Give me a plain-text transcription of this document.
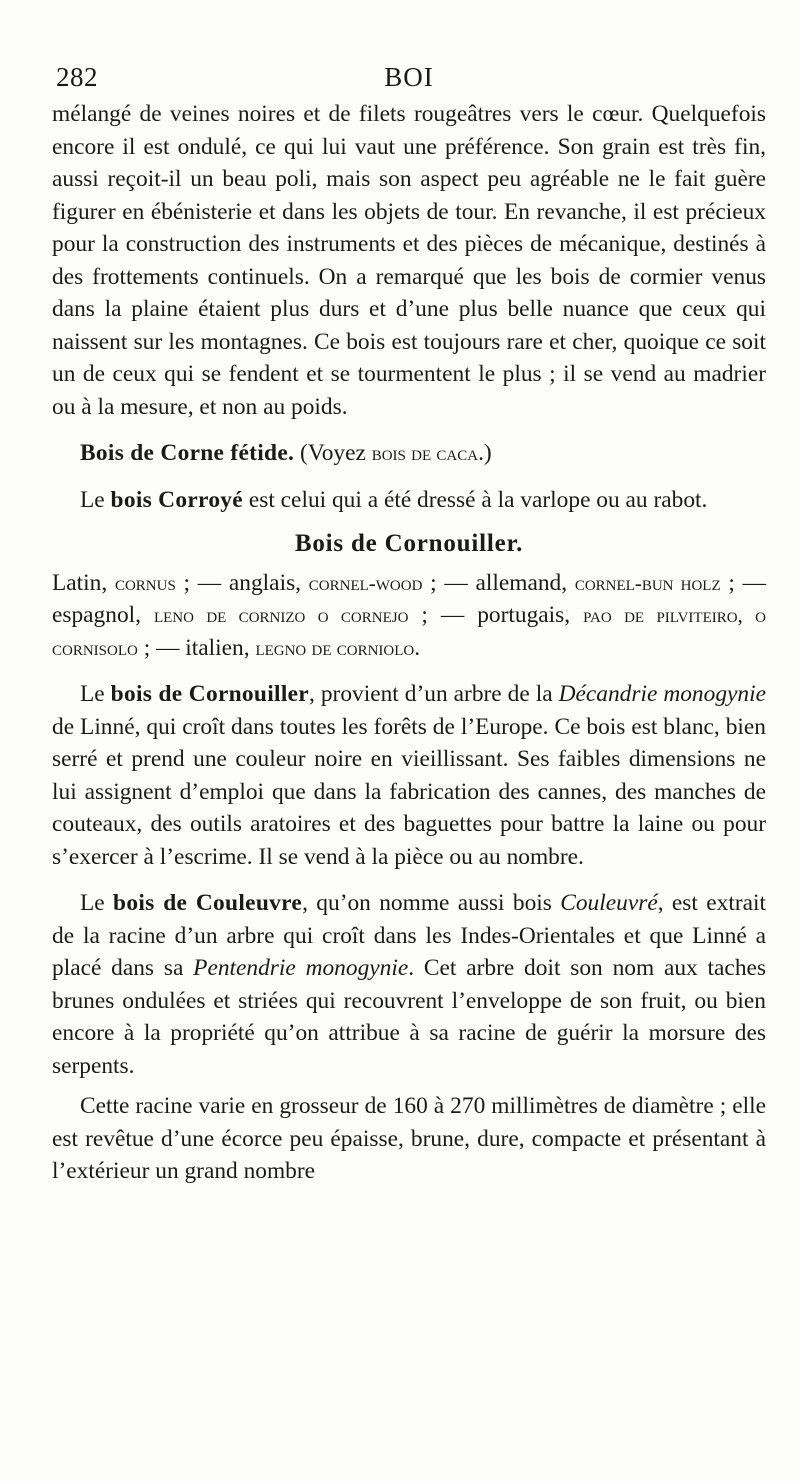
282	BOI

mélangé de veines noires et de filets rougeâtres vers le cœur. Quelquefois encore il est ondulé, ce qui lui vaut une préférence. Son grain est très fin, aussi reçoit-il un beau poli, mais son aspect peu agréable ne le fait guère figurer en ébénisterie et dans les objets de tour. En revanche, il est précieux pour la construction des instruments et des pièces de mécanique, destinés à des frottements continuels. On a remarqué que les bois de cormier venus dans la plaine étaient plus durs et d’une plus belle nuance que ceux qui naissent sur les montagnes. Ce bois est toujours rare et cher, quoique ce soit un de ceux qui se fendent et se tourmentent le plus ; il se vend au madrier ou à la mesure, et non au poids.

Bois de Corne fétide. (Voyez bois de caca.)

Le bois Corroyé est celui qui a été dressé à la varlope ou au rabot.

Bois de Cornouiller.

Latin, cornus ; — anglais, cornel-wood ; — allemand, cornel-bun holz ; — espagnol, leno de cornizo o cornejo ; — portugais, pao de pilviteiro, o cornisolo ; — italien, legno de corniolo.

Le bois de Cornouiller, provient d’un arbre de la Décandrie monogynie de Linné, qui croît dans toutes les forêts de l’Europe. Ce bois est blanc, bien serré et prend une couleur noire en vieillissant. Ses faibles dimensions ne lui assignent d’emploi que dans la fabrication des cannes, des manches de couteaux, des outils aratoires et des baguettes pour battre la laine ou pour s’exercer à l’escrime. Il se vend à la pièce ou au nombre.

Le bois de Couleuvre, qu’on nomme aussi bois Couleuvré, est extrait de la racine d’un arbre qui croît dans les Indes-Orientales et que Linné a placé dans sa Pentendrie monogynie. Cet arbre doit son nom aux taches brunes ondulées et striées qui recouvrent l’enveloppe de son fruit, ou bien encore à la propriété qu’on attribue à sa racine de guérir la morsure des serpents.

Cette racine varie en grosseur de 160 à 270 millimètres de diamètre ; elle est revêtue d’une écorce peu épaisse, brune, dure, compacte et présentant à l’extérieur un grand nombre
